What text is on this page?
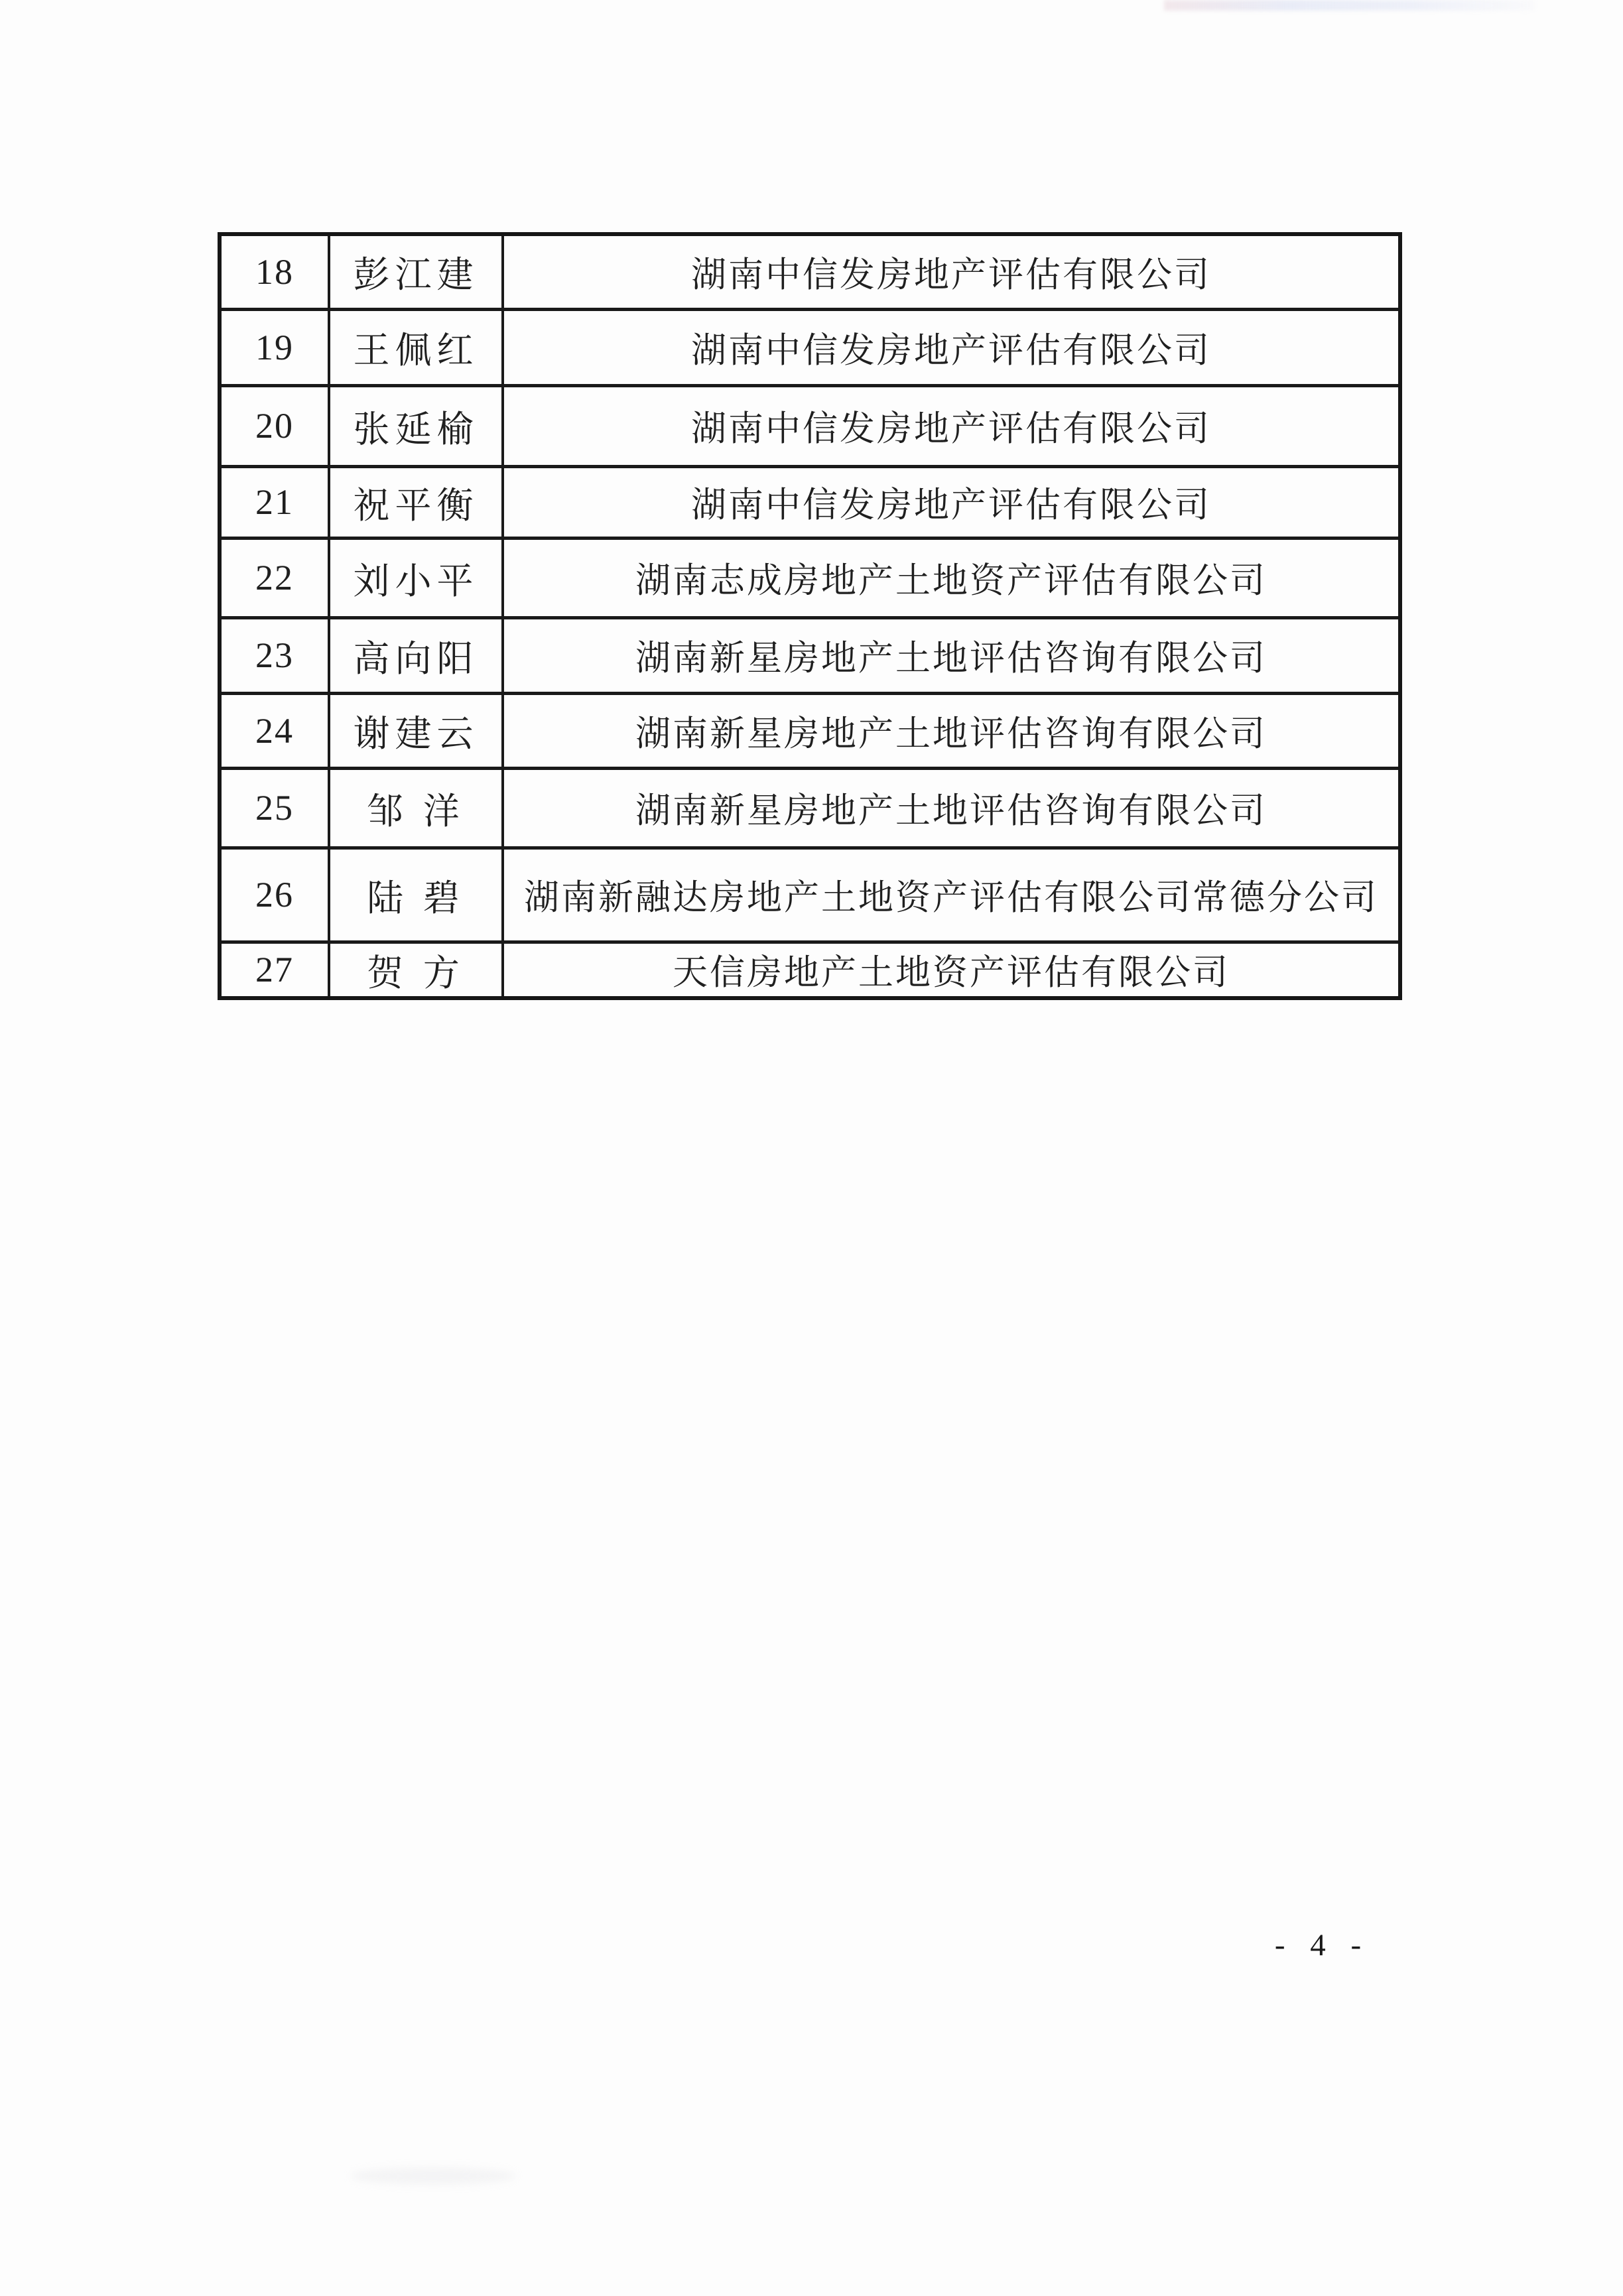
18	彭江建	湖南中信发房地产评估有限公司
19	王佩红	湖南中信发房地产评估有限公司
20	张延榆	湖南中信发房地产评估有限公司
21	祝平衡	湖南中信发房地产评估有限公司
22	刘小平	湖南志成房地产土地资产评估有限公司
23	高向阳	湖南新星房地产土地评估咨询有限公司
24	谢建云	湖南新星房地产土地评估咨询有限公司
25	邹 洋	湖南新星房地产土地评估咨询有限公司
26	陆 碧	湖南新融达房地产土地资产评估有限公司常德分公司
27	贺 方	天信房地产土地资产评估有限公司
- 4 -
